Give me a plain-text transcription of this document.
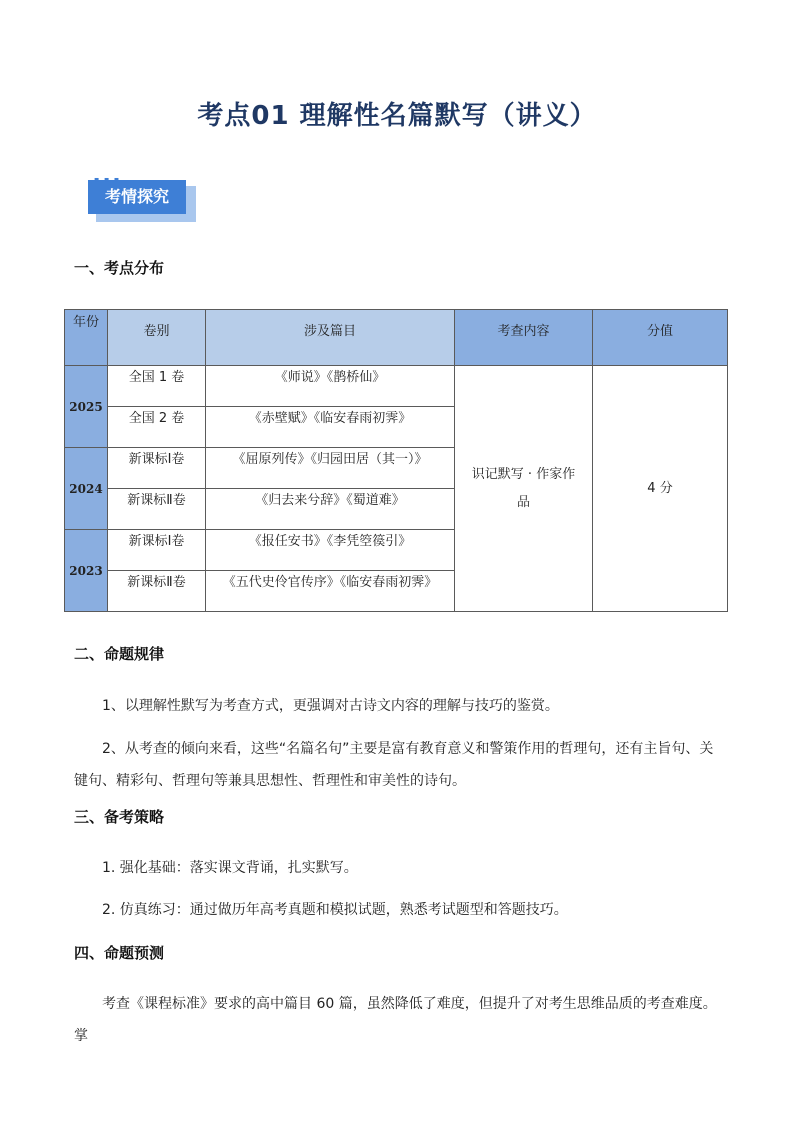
考点01 理解性名篇默写（讲义）
考情探究
▪ ▪ ▪
一、考点分布
年份	卷别	涉及篇目	考查内容	分值
2025	全国 1 卷	《师说》《鹊桥仙》	识记默写 · 作家作品	4 分
	全国 2 卷	《赤壁赋》《临安春雨初霁》		
2024	新课标Ⅰ卷	《屈原列传》《归园田居（其一）》		
	新课标Ⅱ卷	《归去来兮辞》《蜀道难》		
2023	新课标Ⅰ卷	《报任安书》《李凭箜篌引》		
	新课标Ⅱ卷	《五代史伶官传序》《临安春雨初霁》		
二、命题规律
1、以理解性默写为考查方式，更强调对古诗文内容的理解与技巧的鉴赏。
2、从考查的倾向来看，这些“名篇名句”主要是富有教育意义和警策作用的哲理句，还有主旨句、关键句、精彩句、哲理句等兼具思想性、哲理性和审美性的诗句。
三、备考策略
1. 强化基础：落实课文背诵，扎实默写。
2. 仿真练习：通过做历年高考真题和模拟试题，熟悉考试题型和答题技巧。
四、命题预测
考查《课程标准》要求的高中篇目 60 篇，虽然降低了难度，但提升了对考生思维品质的考查难度。掌
